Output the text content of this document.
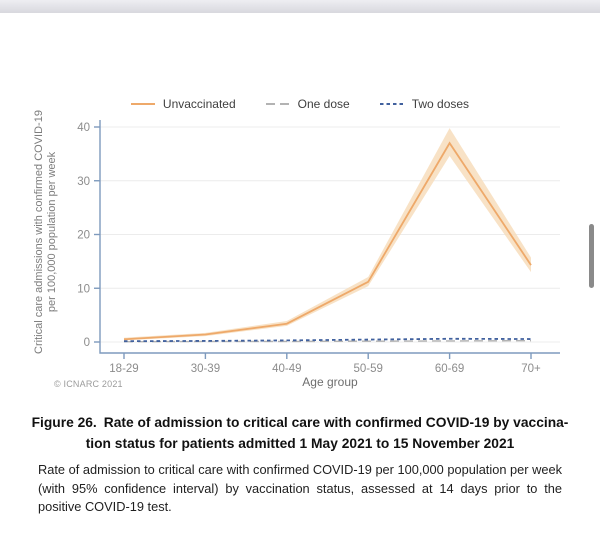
0
10
20
30
40
18-29	30-39	40-49	50-59	60-69	70+
Age group
Critical care admissions with confirmed COVID-19 per 100,000 population per week
Unvaccinated	One dose	Two doses
© ICNARC 2021
Figure 26. Rate of admission to critical care with confirmed COVID-19 by vaccina-
tion status for patients admitted 1 May 2021 to 15 November 2021
Rate of admission to critical care with confirmed COVID-19 per 100,000 population per week (with 95% confidence interval) by vaccination status, assessed at 14 days prior to the positive COVID-19 test.
